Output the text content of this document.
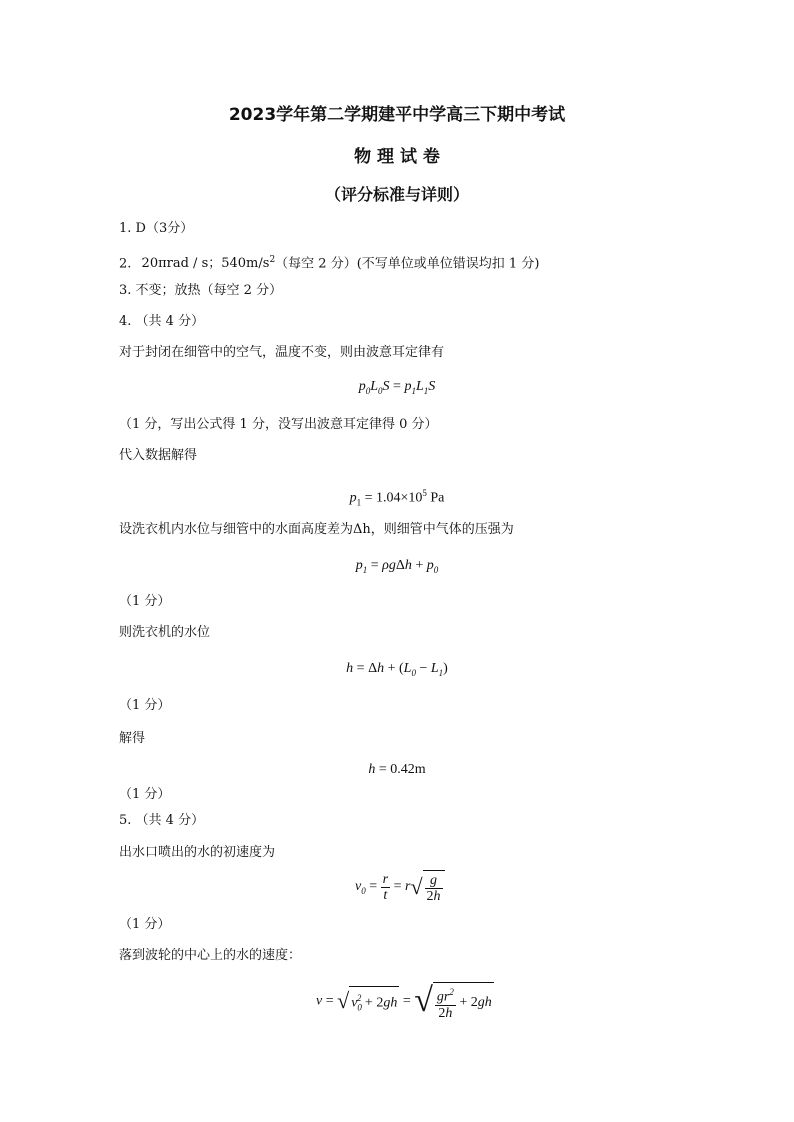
2023学年第二学期建平中学高三下期中考试
物 理 试 卷
（评分标准与详则）
1. D（3分）
2. 20πrad / s；$540m/s^2$（每空 2 分）(不写单位或单位错误均扣 1 分)
3. 不变；放热（每空 2 分）
4. （共 4 分）
对于封闭在细管中的空气，温度不变，则由波意耳定律有
$p_0L_0S = p_1L_1S$
（1 分，写出公式得 1 分，没写出波意耳定律得 0 分）
代入数据解得
$p_1 = 1.04\times 10^5$ Pa
设洗衣机内水位与细管中的水面高度差为Δh，则细管中气体的压强为
$p_1 = \rho g\Delta h + p_0$
（1 分）
则洗衣机的水位
$h = \Delta h + (L_0 - L_1)$
（1 分）
解得
h = 0.42m
（1 分）
5. （共 4 分）
出水口喷出的水的初速度为
$v_0 = \frac{r}{t} = r√ \frac{g}{2h}$
（1 分）
落到波轮的中心上的水的速度：
v = √ $v_0^2 + 2gh$ = √ $\frac{gr^2}{2h} + 2gh$
